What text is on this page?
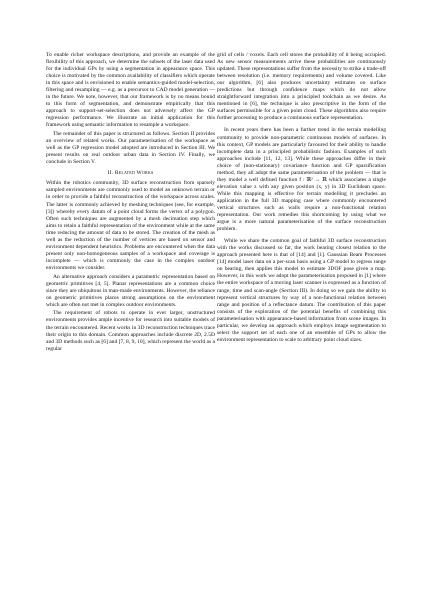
To enable richer workspace descriptions, and provide an example of the flexibility of this approach, we determine the subsets of the laser data used for the individual GPs by using a segmentation in appearance space. This choice is motivated by the common availability of classifiers which operate in this space and is envisioned to enable semantics-guided model-selection, filtering and resampling — e.g. as a precursor to CAD model generation — in the future. We note, however, that our framework is by no means bound to this form of segmentation, and demonstrate empirically that this approach to support-set-selection does not adversely affect the GP regression performance. We illustrate an initial application for this framework using semantic information to resample a workspace.

The remainder of this paper is structured as follows. Section II provides an overview of related works. Our parameterisation of the workspace as well as the GP regression model adopted are introduced in Section III. We present results on real outdoor urban data in Section IV. Finally, we conclude in Section V.

II. Related Works

Within the robotics community, 3D surface reconstruction from sparsely sampled environments are commonly used to model an unknown terrain or in order to provide a faithful reconstruction of the workspace across scales. The latter is commonly achieved by meshing techniques (see, for example, [3]) whereby every datum of a point cloud forms the vertex of a polygon. Often such techniques are augmented by a mesh decimation step which aims to retain a faithful representation of the environment while at the same time reducing the amount of data to be stored. The creation of the mesh as well as the reduction of the number of vertices are based on sensor and environment dependent heuristics. Problems are encountered when the data present only non-homogeneous samples of a workspace and coverage is incomplete — which is commonly the case in the complex outdoor environments we consider.

An alternative approach considers a parametric representation based on geometric primitives [4, 5]. Planar representations are a common choice since they are ubiquitous in man-made environments. However, the reliance on geometric primitives places strong assumptions on the environment which are often not met in complex outdoor environments.

The requirement of robots to operate in ever larger, unstructured environments provides ample incentive for research into suitable models of the terrain encountered. Recent works in 3D reconstruction techniques trace their origin to this domain. Common approaches include discrete 2D, 2.5D and 3D methods such as [6] and [7, 8, 9, 10], which represent the world as a regular

grid of cells / voxels. Each cell stores the probability of it being occupied. As new sensor measurements arrive these probabilities are continuously updated. These representations suffer from the necessity to strike a trade-off between resolution (i.e. memory requirements) and volume covered. Like our algorithm, [6] also produces uncertainty estimates on surface predictions but through confidence maps which do not allow straightforward integration into a principled toolchain as we desire. As mentioned in [6], the technique is also prescriptive in the form of the surfaces permissible for a given point cloud. These algorithms also require further processing to produce a continuous surface representation.

In recent years there has been a further trend in the terrain modelling community to provide non-parametric continuous models of surfaces. In this context, GP models are particularly favoured for their ability to handle incomplete data in a principled probabilistic fashion. Examples of such approaches include [11, 12, 13]. While these approaches differ in their choice of (non-stationary) covariance function and GP sparsification method, they all adopt the same parameterisation of the problem — that is they model a well defined function f : ℝ² → ℝ which associates a single elevation value z with any given position (x, y) in 3D Euclidean space. While this mapping is effective for terrain modelling it precludes an application in the full 3D mapping case where commonly encountered vertical structures such as walls require a non-functional relation representation. Our work remedies this shortcoming by using what we argue is a more natural parameterisation of the surface reconstruction problem.

While we share the common goal of faithful 3D surface reconstruction with the works discussed so far, the work bearing closest relation to the approach presented here is that of [14] and [1]. Gaussian Beam Processes [14] model laser data on a per-scan basis using a GP model to regress range on bearing, then applies this model to estimate 3DOF pose given a map. However, in this work we adopt the parameterisation proposed in [1] where the entire workspace of a moving laser scanner is expressed as a function of range, time and scan-angle (Section III). In doing so we gain the ability to represent vertical structures by way of a non-functional relation between range and position of a reflectance datum. The contribution of this paper consists of the exploration of the potential benefits of combining this parameterisation with appearance-based information from scene images. In particular, we develop an approach which employs image segmentation to select the support set of each one of an ensemble of GPs to allow the environment representation to scale to arbitrary point cloud sizes.
